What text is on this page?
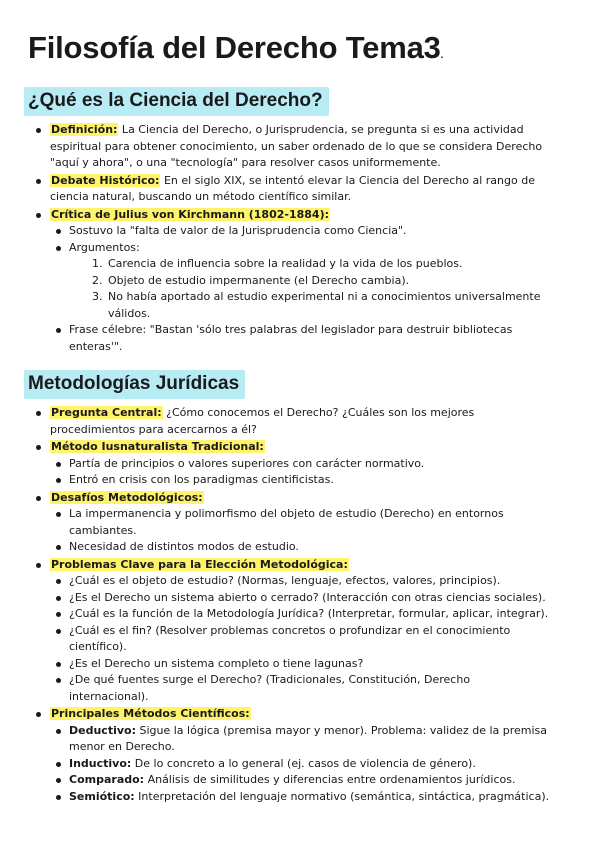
Filosofía del Derecho Tema3.
¿Qué es la Ciencia del Derecho?
Definición: La Ciencia del Derecho, o Jurisprudencia, se pregunta si es una actividad espiritual para obtener conocimiento, un saber ordenado de lo que se considera Derecho "aquí y ahora", o una "tecnología" para resolver casos uniformemente.
Debate Histórico: En el siglo XIX, se intentó elevar la Ciencia del Derecho al rango de ciencia natural, buscando un método científico similar.
Crítica de Julius von Kirchmann (1802-1884):
Sostuvo la "falta de valor de la Jurisprudencia como Ciencia".
Argumentos:
1. Carencia de influencia sobre la realidad y la vida de los pueblos.
2. Objeto de estudio impermanente (el Derecho cambia).
3. No había aportado al estudio experimental ni a conocimientos universalmente válidos.
Frase célebre: "Bastan 'sólo tres palabras del legislador para destruir bibliotecas enteras'".
Metodologías Jurídicas
Pregunta Central: ¿Cómo conocemos el Derecho? ¿Cuáles son los mejores procedimientos para acercarnos a él?
Método Iusnaturalista Tradicional:
Partía de principios o valores superiores con carácter normativo.
Entró en crisis con los paradigmas cientificistas.
Desafíos Metodológicos:
La impermanencia y polimorfismo del objeto de estudio (Derecho) en entornos cambiantes.
Necesidad de distintos modos de estudio.
Problemas Clave para la Elección Metodológica:
¿Cuál es el objeto de estudio? (Normas, lenguaje, efectos, valores, principios).
¿Es el Derecho un sistema abierto o cerrado? (Interacción con otras ciencias sociales).
¿Cuál es la función de la Metodología Jurídica? (Interpretar, formular, aplicar, integrar).
¿Cuál es el fin? (Resolver problemas concretos o profundizar en el conocimiento científico).
¿Es el Derecho un sistema completo o tiene lagunas?
¿De qué fuentes surge el Derecho? (Tradicionales, Constitución, Derecho internacional).
Principales Métodos Científicos:
Deductivo: Sigue la lógica (premisa mayor y menor). Problema: validez de la premisa menor en Derecho.
Inductivo: De lo concreto a lo general (ej. casos de violencia de género).
Comparado: Análisis de similitudes y diferencias entre ordenamientos jurídicos.
Semiótico: Interpretación del lenguaje normativo (semántica, sintáctica, pragmática).
